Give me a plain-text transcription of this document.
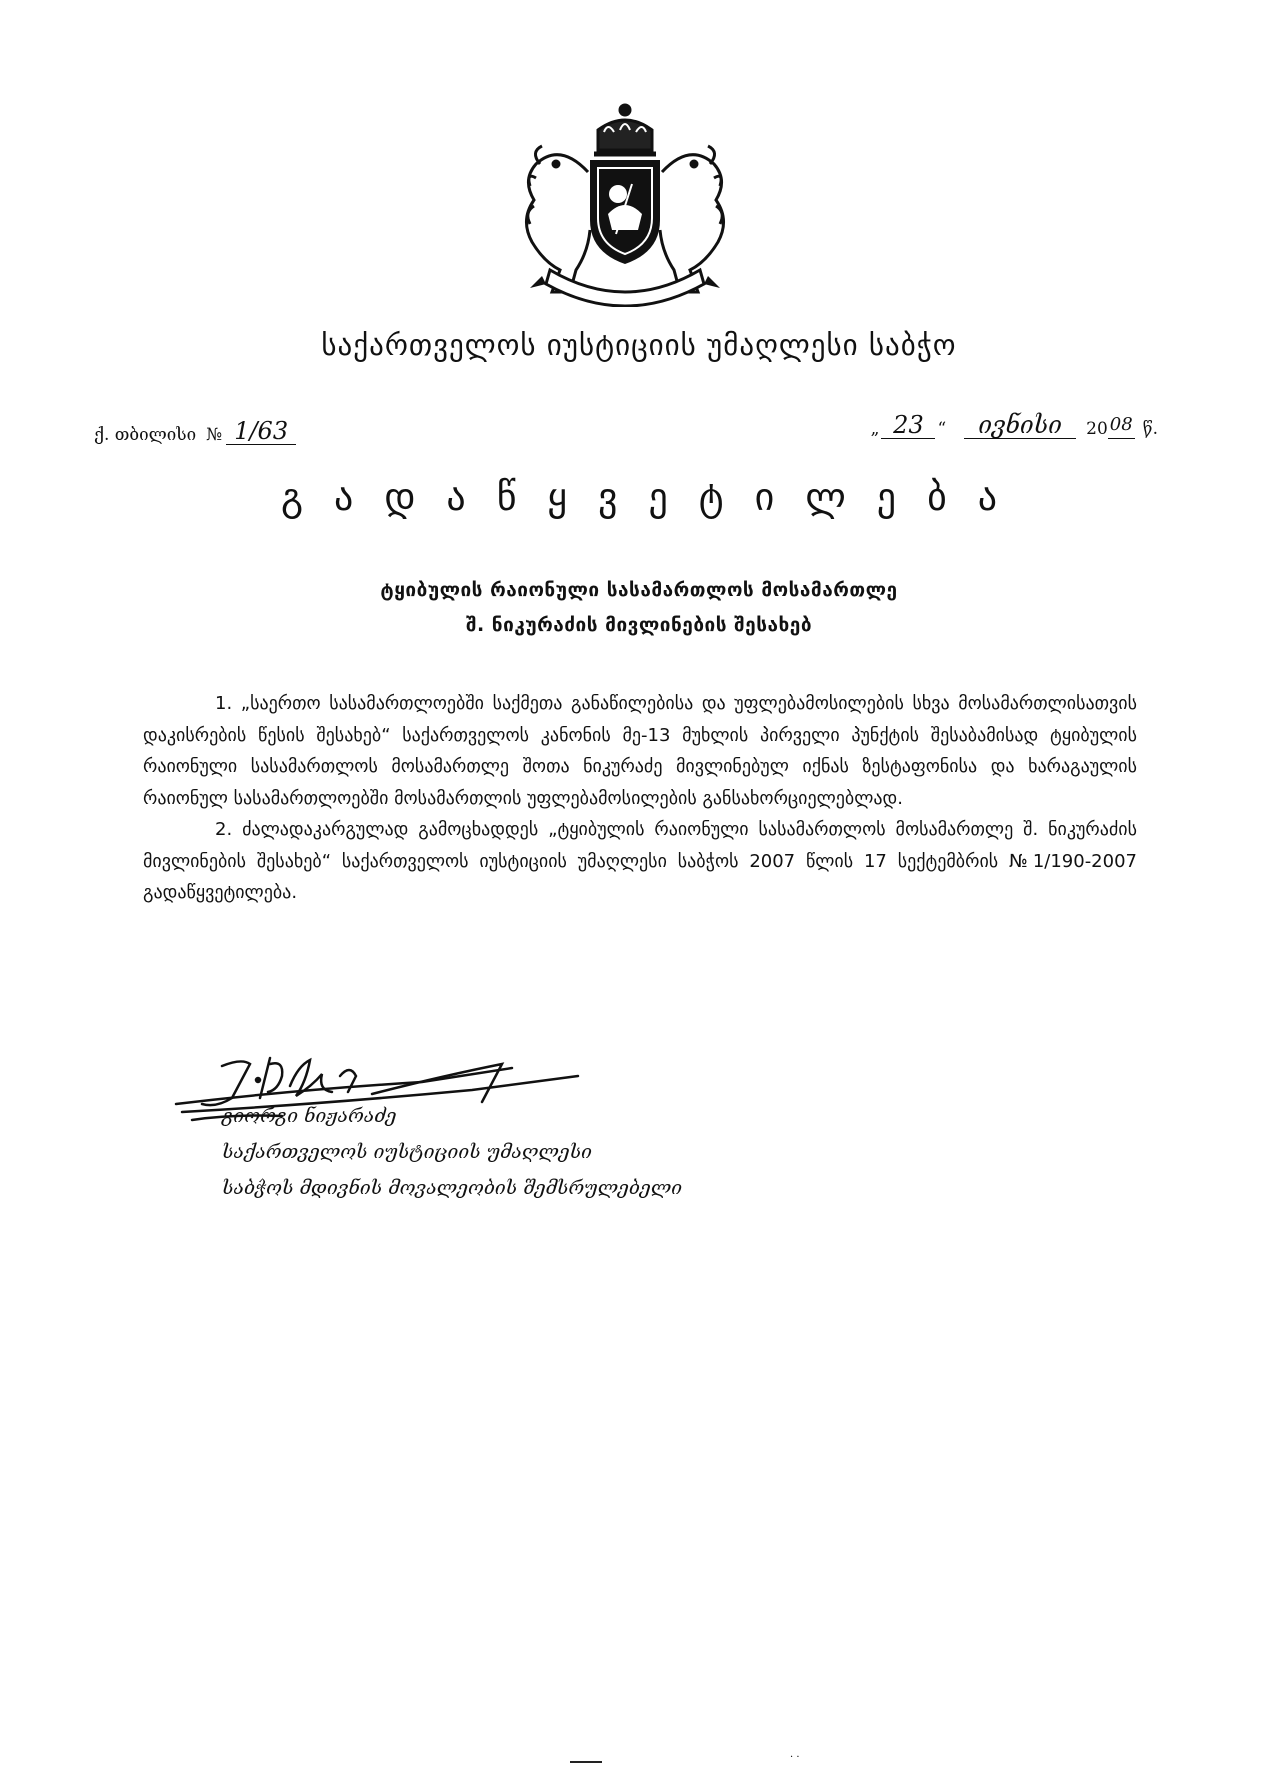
საქართველოს იუსტიციის უმაღლესი საბჭო
ქ. თბილისი № 1/63	„ 23 “	ივნისი	20 08 წ.
გადაწყვეტილება
ტყიბულის რაიონული სასამართლოს მოსამართლე
შ. ნიკურაძის მივლინების შესახებ

1. „საერთო სასამართლოებში საქმეთა განაწილებისა და უფლებამოსილების სხვა მოსამართლისათვის დაკისრების წესის შესახებ“ საქართველოს კანონის მე-13 მუხლის პირველი პუნქტის შესაბამისად ტყიბულის რაიონული სასამართლოს მოსამართლე შოთა ნიკურაძე მივლინებულ იქნას ზესტაფონისა და ხარაგაულის რაიონულ სასამართლოებში მოსამართლის უფლებამოსილების განსახორციელებლად.

2. ძალადაკარგულად გამოცხადდეს „ტყიბულის რაიონული სასამართლოს მოსამართლე შ. ნიკურაძის მივლინების შესახებ“ საქართველოს იუსტიციის უმაღლესი საბჭოს 2007 წლის 17 სექტემბრის №1/190-2007 გადაწყვეტილება.

გიორგი ნიჟარაძე
საქართველოს იუსტიციის უმაღლესი
საბჭოს მდივნის მოვალეობის შემსრულებელი
· ·
